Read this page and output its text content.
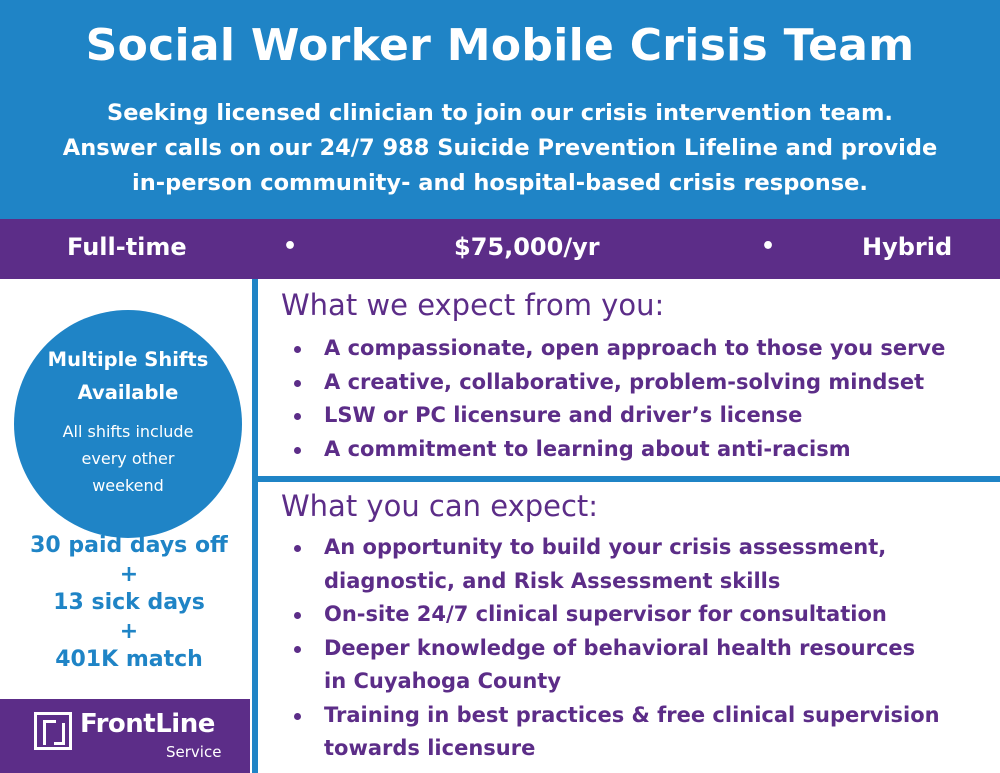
Social Worker Mobile Crisis Team
Seeking licensed clinician to join our crisis intervention team.
Answer calls on our 24/7 988 Suicide Prevention Lifeline and provide
in-person community- and hospital-based crisis response.
Full-time	•	$75,000/yr	•	Hybrid
Multiple Shifts
Available
All shifts include
every other
weekend
30 paid days off
+
13 sick days
+
401K match
FrontLine
Service
What we expect from you:
A compassionate, open approach to those you serve
A creative, collaborative, problem-solving mindset
LSW or PC licensure and driver’s license
A commitment to learning about anti-racism
What you can expect:
An opportunity to build your crisis assessment,
diagnostic, and Risk Assessment skills
On-site 24/7 clinical supervisor for consultation
Deeper knowledge of behavioral health resources
in Cuyahoga County
Training in best practices & free clinical supervision
towards licensure
